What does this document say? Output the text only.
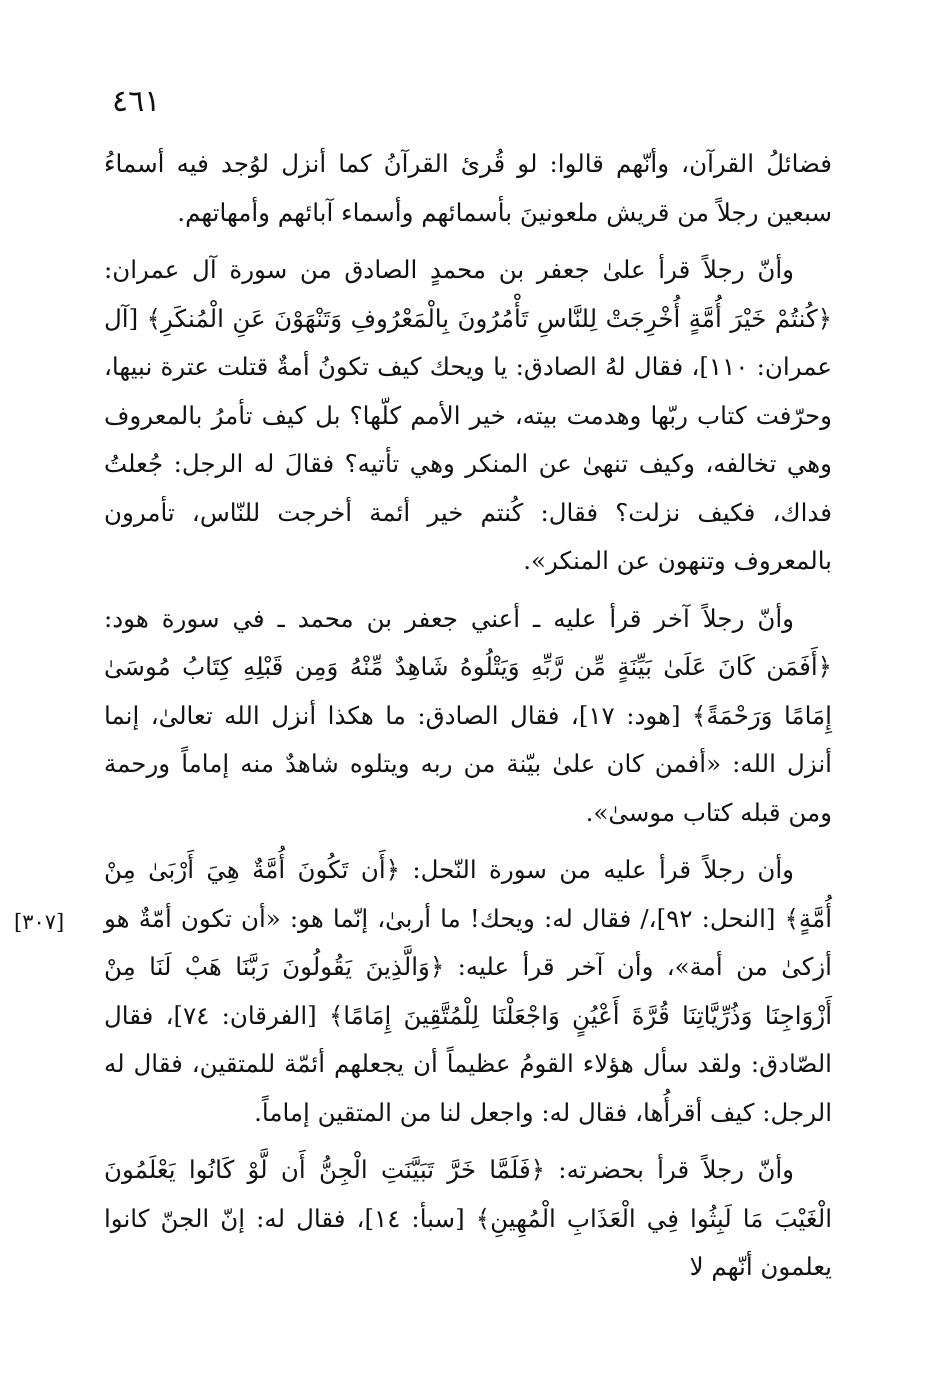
٤٦١
[٣٠٧]

فضائلُ القرآن، وأنّهم قالوا: لو قُرئ القرآنُ كما أنزل لوُجد فيه أسماءُ سبعين رجلاً من قريش ملعونينَ بأسمائهم وأسماء آبائهم وأمهاتهم.

وأنّ رجلاً قرأ علىٰ جعفر بن محمدٍ الصادق من سورة آل عمران: ﴿كُنتُمْ خَيْرَ أُمَّةٍ أُخْرِجَتْ لِلنَّاسِ تَأْمُرُونَ بِالْمَعْرُوفِ وَتَنْهَوْنَ عَنِ الْمُنكَرِ﴾ [آل عمران: ١١٠]، فقال لهُ الصادق: يا ويحك كيف تكونُ أمةٌ قتلت عترة نبيها، وحرّفت كتاب ربّها وهدمت بيته، خير الأمم كلّها؟ بل كيف تأمرُ بالمعروف وهي تخالفه، وكيف تنهىٰ عن المنكر وهي تأتيه؟ فقالَ له الرجل: جُعلتُ فداك، فكيف نزلت؟ فقال: كُنتم خير أئمة أخرجت للنّاس، تأمرون بالمعروف وتنهون عن المنكر».

وأنّ رجلاً آخر قرأ عليه ـ أعني جعفر بن محمد ـ في سورة هود: ﴿أَفَمَن كَانَ عَلَىٰ بَيِّنَةٍ مِّن رَّبِّهِ وَيَتْلُوهُ شَاهِدٌ مِّنْهُ وَمِن قَبْلِهِ كِتَابُ مُوسَىٰ إِمَامًا وَرَحْمَةً﴾ [هود: ١٧]، فقال الصادق: ما هكذا أنزل الله تعالىٰ، إنما أنزل الله: «أفمن كان علىٰ بيّنة من ربه ويتلوه شاهدٌ منه إماماً ورحمة ومن قبله كتاب موسىٰ».

وأن رجلاً قرأ عليه من سورة النّحل: ﴿أَن تَكُونَ أُمَّةٌ هِيَ أَرْبَىٰ مِنْ أُمَّةٍ﴾ [النحل: ٩٢]،/ فقال له: ويحك! ما أربىٰ، إنّما هو: «أن تكون أمّةٌ هو أزكىٰ من أمة»، وأن آخر قرأ عليه: ﴿وَالَّذِينَ يَقُولُونَ رَبَّنَا هَبْ لَنَا مِنْ أَزْوَاجِنَا وَذُرِّيَّاتِنَا قُرَّةَ أَعْيُنٍ وَاجْعَلْنَا لِلْمُتَّقِينَ إِمَامًا﴾ [الفرقان: ٧٤]، فقال الصّادق: ولقد سأل هؤلاء القومُ عظيماً أن يجعلهم أئمّة للمتقين، فقال له الرجل: كيف أقرأُها، فقال له: واجعل لنا من المتقين إماماً.

وأنّ رجلاً قرأ بحضرته: ﴿فَلَمَّا خَرَّ تَبَيَّنَتِ الْجِنُّ أَن لَّوْ كَانُوا يَعْلَمُونَ الْغَيْبَ مَا لَبِثُوا فِي الْعَذَابِ الْمُهِينِ﴾ [سبأ: ١٤]، فقال له: إنّ الجنّ كانوا يعلمون أنّهم لا
